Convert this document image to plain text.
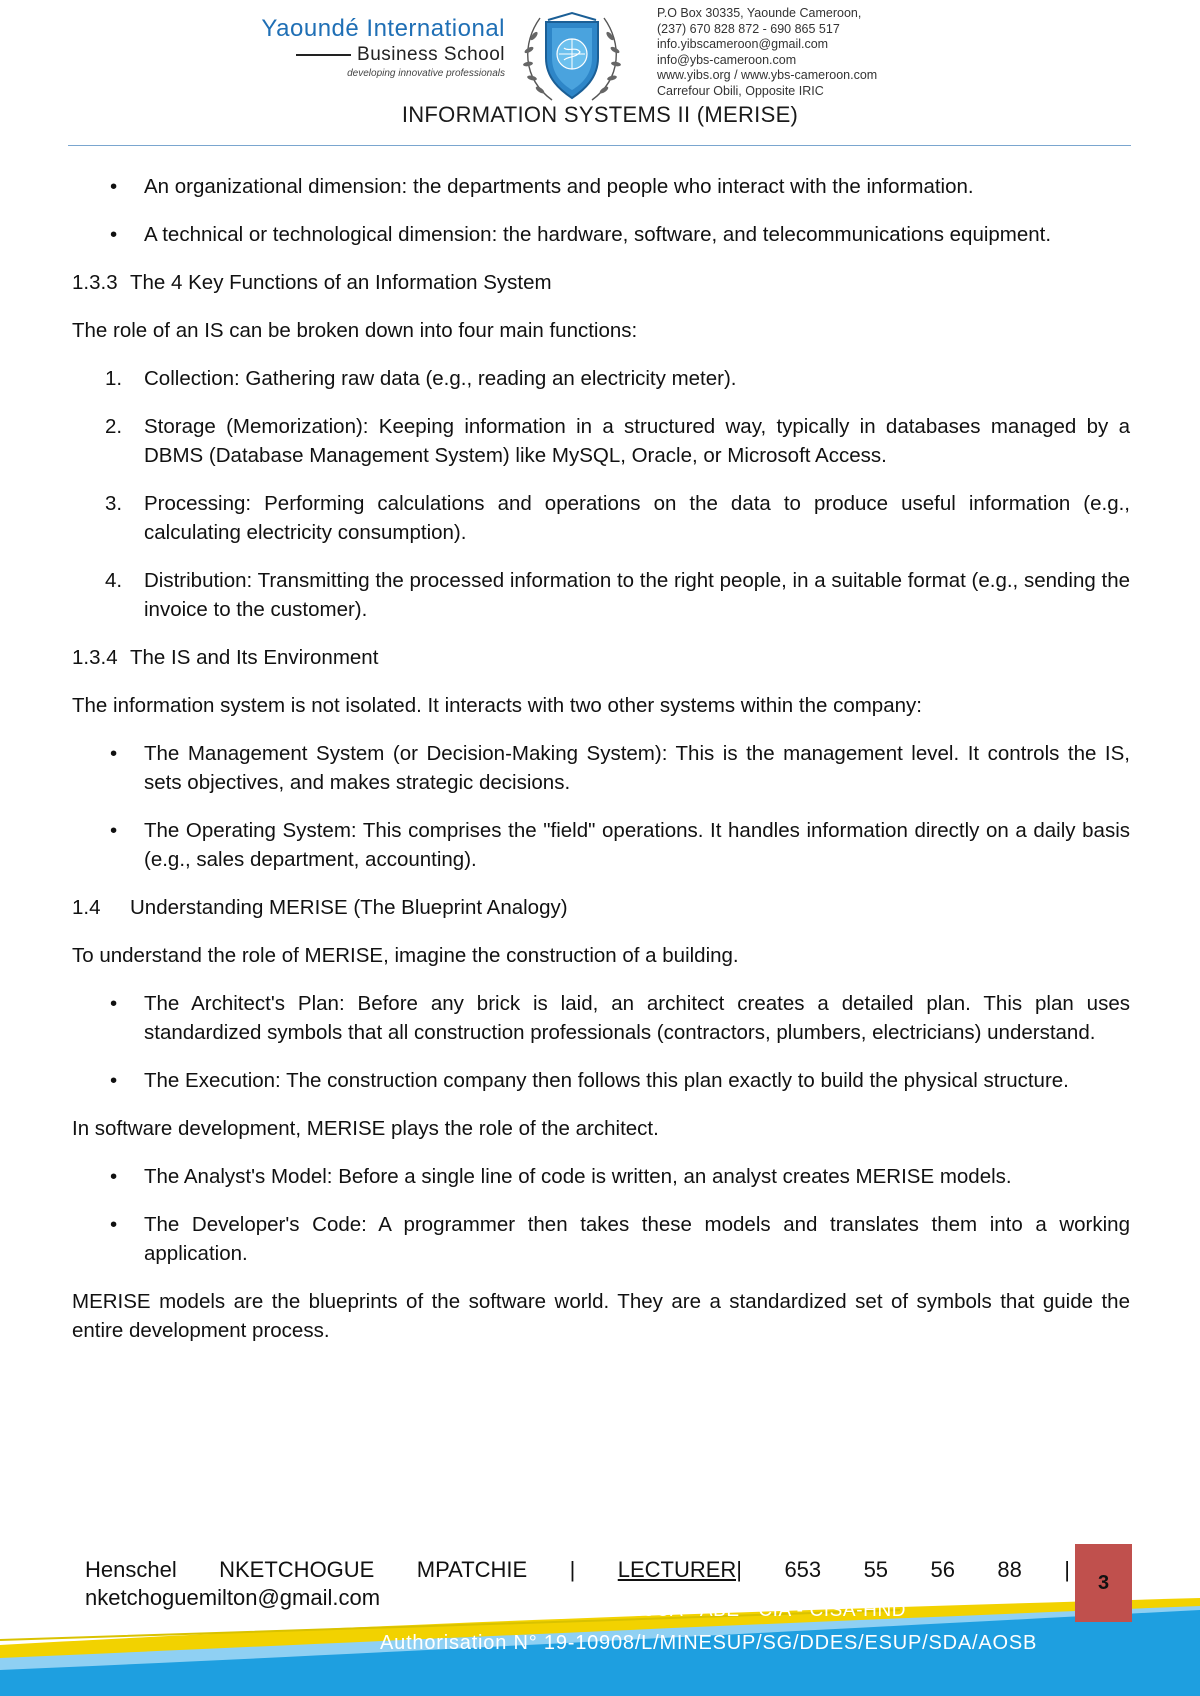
Yaoundé International
Business School
developing innovative professionals
P.O Box 30335, Yaounde Cameroon,
(237) 670 828 872 - 690 865 517
info.yibscameroon@gmail.com
info@ybs-cameroon.com
www.yibs.org / www.ybs-cameroon.com
Carrefour Obili, Opposite IRIC
INFORMATION SYSTEMS II (MERISE)
• An organizational dimension: the departments and people who interact with the information.
• A technical or technological dimension: the hardware, software, and telecommunications equipment.
1.3.3 The 4 Key Functions of an Information System

The role of an IS can be broken down into four main functions:

1. Collection: Gathering raw data (e.g., reading an electricity meter).
2. Storage (Memorization): Keeping information in a structured way, typically in databases managed by a DBMS (Database Management System) like MySQL, Oracle, or Microsoft Access.
3. Processing: Performing calculations and operations on the data to produce useful information (e.g., calculating electricity consumption).
4. Distribution: Transmitting the processed information to the right people, in a suitable format (e.g., sending the invoice to the customer).
1.3.4 The IS and Its Environment

The information system is not isolated. It interacts with two other systems within the company:

• The Management System (or Decision-Making System): This is the management level. It controls the IS, sets objectives, and makes strategic decisions.
• The Operating System: This comprises the "field" operations. It handles information directly on a daily basis (e.g., sales department, accounting).
1.4 Understanding MERISE (The Blueprint Analogy)

To understand the role of MERISE, imagine the construction of a building.

• The Architect's Plan: Before any brick is laid, an architect creates a detailed plan. This plan uses standardized symbols that all construction professionals (contractors, plumbers, electricians) understand.
• The Execution: The construction company then follows this plan exactly to build the physical structure.

In software development, MERISE plays the role of the architect.

• The Analyst's Model: Before a single line of code is written, an analyst creates MERISE models.
• The Developer's Code: A programmer then takes these models and translates them into a working application.

MERISE models are the blueprints of the software world. They are a standardized set of symbols that guide the entire development process.

Henschel NKETCHOGUE MPATCHIE | LECTURER| 653 55 56 88 |
nketchoguemilton@gmail.com
3
MBA - BSc.-ACCA - ABE - CIA - CISA-HND
Authorisation N° 19-10908/L/MINESUP/SG/DDES/ESUP/SDA/AOSB
